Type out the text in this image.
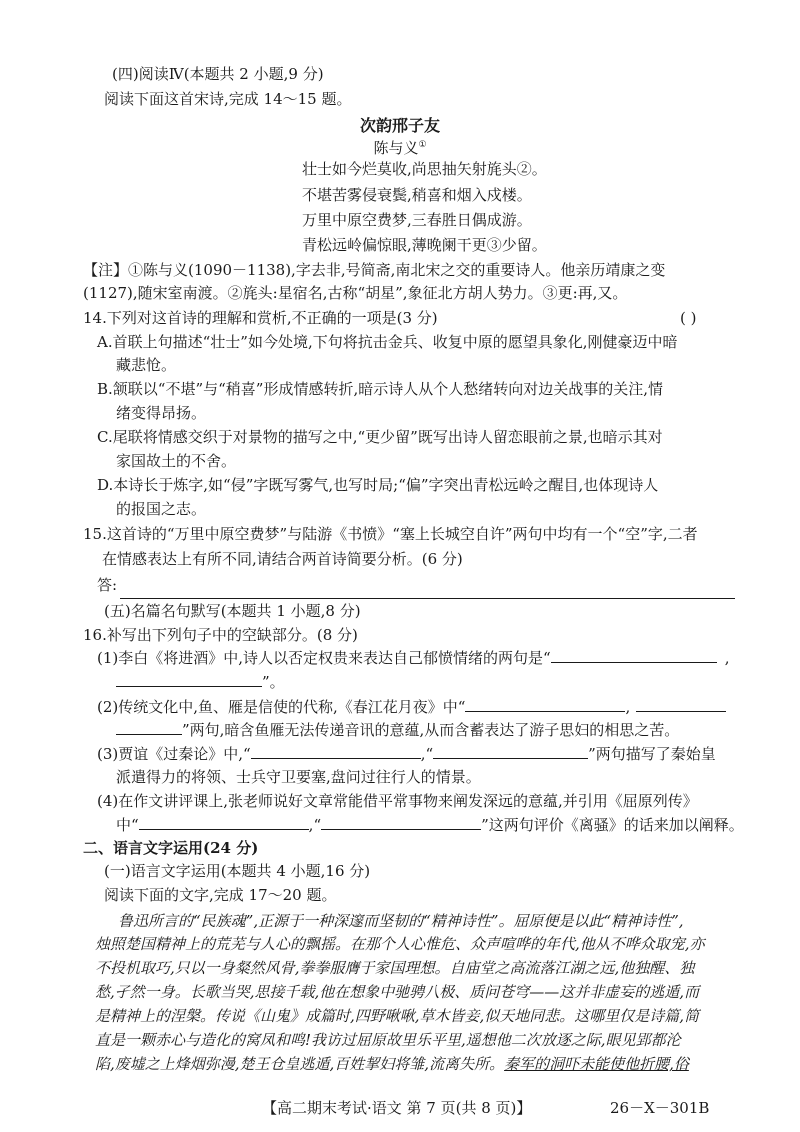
(四)阅读Ⅳ(本题共 2 小题,9 分)
阅读下面这首宋诗,完成 14～15 题。
次韵邢子友
陈与义①
壮士如今烂莫收,尚思抽矢射旄头②。
不堪苦雾侵衰鬓,稍喜和烟入戍楼。
万里中原空费梦,三春胜日偶成游。
青松远岭偏惊眼,薄晚阑干更③少留。
【注】①陈与义(1090－1138),字去非,号简斋,南北宋之交的重要诗人。他亲历靖康之变
(1127),随宋室南渡。②旄头:星宿名,古称“胡星”,象征北方胡人势力。③更:再,又。
14.下列对这首诗的理解和赏析,不正确的一项是(3 分)	( )
A.首联上句描述“壮士”如今处境,下句将抗击金兵、收复中原的愿望具象化,刚健豪迈中暗
藏悲怆。
B.颔联以“不堪”与“稍喜”形成情感转折,暗示诗人从个人愁绪转向对边关战事的关注,情
绪变得昂扬。
C.尾联将情感交织于对景物的描写之中,“更少留”既写出诗人留恋眼前之景,也暗示其对
家国故土的不舍。
D.本诗长于炼字,如“侵”字既写雾气,也写时局;“偏”字突出青松远岭之醒目,也体现诗人
的报国之志。
15.这首诗的“万里中原空费梦”与陆游《书愤》“塞上长城空自许”两句中均有一个“空”字,二者
在情感表达上有所不同,请结合两首诗简要分析。(6 分)
答:
(五)名篇名句默写(本题共 1 小题,8 分)
16.补写出下列句子中的空缺部分。(8 分)
(1)李白《将进酒》中,诗人以否定权贵来表达自己郁愤情绪的两句是“	,
”。
(2)传统文化中,鱼、雁是信使的代称,《春江花月夜》中“	,
”两句,暗含鱼雁无法传递音讯的意蕴,从而含蓄表达了游子思妇的相思之苦。
(3)贾谊《过秦论》中,“	,“	”两句描写了秦始皇
派遣得力的将领、士兵守卫要塞,盘问过往行人的情景。
(4)在作文讲评课上,张老师说好文章常能借平常事物来阐发深远的意蕴,并引用《屈原列传》
中“	,“	”这两句评价《离骚》的话来加以阐释。
二、语言文字运用(24 分)
(一)语言文字运用(本题共 4 小题,16 分)
阅读下面的文字,完成 17～20 题。
鲁迅所言的“民族魂”,正源于一种深邃而坚韧的“精神诗性”。屈原便是以此“精神诗性”,
烛照楚国精神上的荒芜与人心的飘摇。在那个人心惟危、众声喧哗的年代,他从不哗众取宠,亦
不投机取巧,只以一身粲然风骨,拳拳服膺于家国理想。自庙堂之高流落江湖之远,他独醒、独
愁,孑然一身。长歌当哭,思接千载,他在想象中驰骋八极、质问苍穹——这并非虚妄的逃遁,而
是精神上的涅槃。传说《山鬼》成篇时,四野啾啾,草木皆妾,似天地同悲。这哪里仅是诗篇,简
直是一颗赤心与造化的窝凤和鸣!我访过屈原故里乐平里,遥想他二次放逐之际,眼见郢都沦
陷,废墟之上烽烟弥漫,楚王仓皇逃遁,百姓挈妇将雏,流离失所。秦军的洞吓未能使他折腰,俗
【高二期末考试·语文 第 7 页(共 8 页)】	26－X－301B
